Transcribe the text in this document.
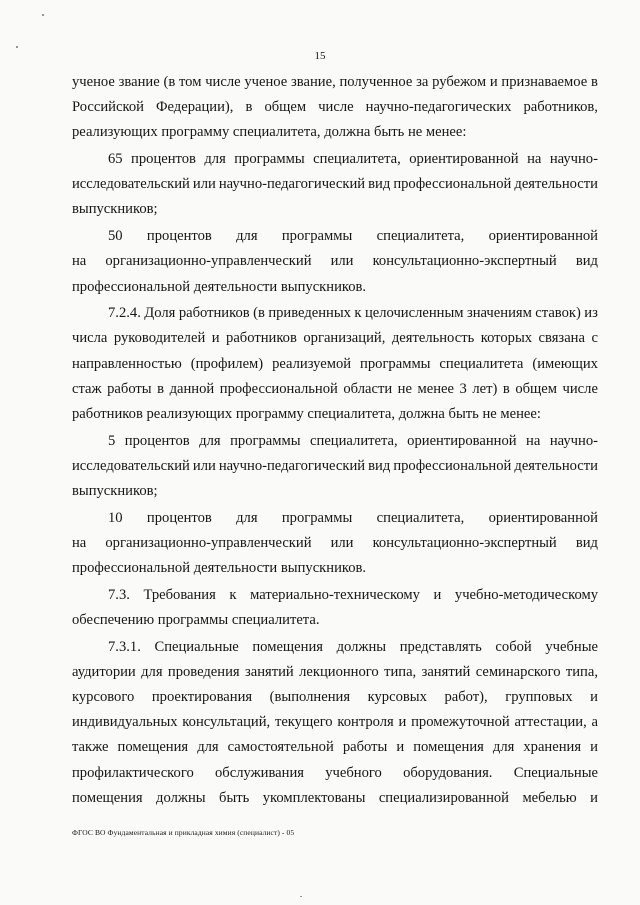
15
ученое звание (в том числе ученое звание, полученное за рубежом и признаваемое в
Российской Федерации), в общем числе научно-педагогических работников,
реализующих программу специалитета, должна быть не менее:
65 процентов для программы специалитета, ориентированной на научно-
исследовательский или научно-педагогический вид профессиональной деятельности
выпускников;
50 процентов для программы специалитета, ориентированной
на организационно-управленческий или консультационно-экспертный вид
профессиональной деятельности выпускников.
7.2.4. Доля работников (в приведенных к целочисленным значениям ставок) из
числа руководителей и работников организаций, деятельность которых связана с
направленностью (профилем) реализуемой программы специалитета (имеющих
стаж работы в данной профессиональной области не менее 3 лет) в общем числе
работников реализующих программу специалитета, должна быть не менее:
5 процентов для программы специалитета, ориентированной на научно-
исследовательский или научно-педагогический вид профессиональной деятельности
выпускников;
10 процентов для программы специалитета, ориентированной
на организационно-управленческий или консультационно-экспертный вид
профессиональной деятельности выпускников.
7.3. Требования к материально-техническому и учебно-методическому
обеспечению программы специалитета.
7.3.1. Специальные помещения должны представлять собой учебные
аудитории для проведения занятий лекционного типа, занятий семинарского типа,
курсового проектирования (выполнения курсовых работ), групповых и
индивидуальных консультаций, текущего контроля и промежуточной аттестации, а
также помещения для самостоятельной работы и помещения для хранения и
профилактического обслуживания учебного оборудования. Специальные
помещения должны быть укомплектованы специализированной мебелью и
ФГОС ВО Фундаментальная и прикладная химия (специалист) - 05
